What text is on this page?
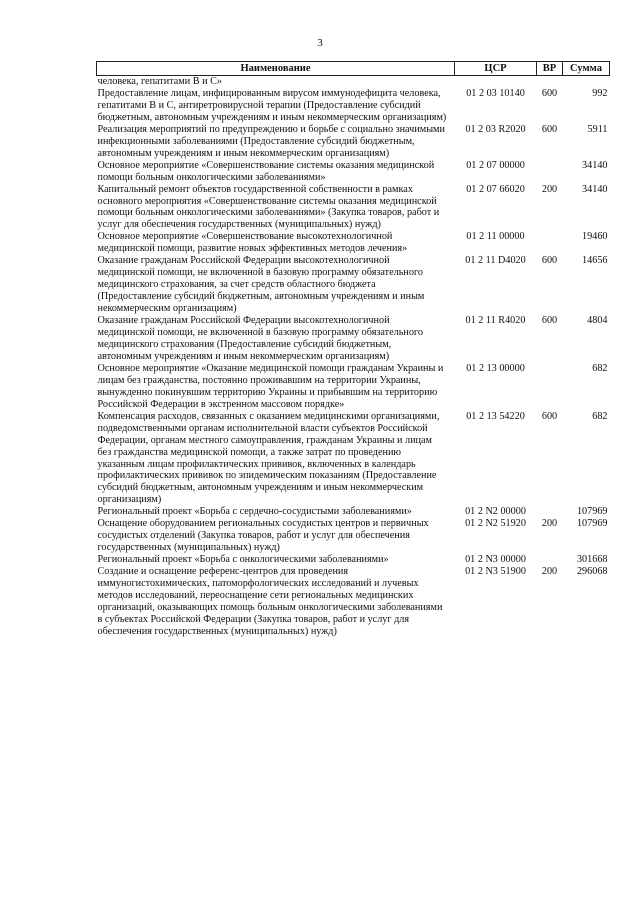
3
Наименование	ЦСР	ВР	Сумма
человека, гепатитами В и С»			
Предоставление лицам, инфицированным вирусом иммунодефицита человека, гепатитами В и С, антиретровирусной терапии (Предоставление субсидий бюджетным, автономным учреждениям и иным некоммерческим организациям)	01 2 03 10140	600	992
Реализация мероприятий по предупреждению и борьбе с социально значимыми инфекционными заболеваниями (Предоставление субсидий бюджетным, автономным учреждениям и иным некоммерческим организациям)	01 2 03 R2020	600	5911
Основное мероприятие «Совершенствование системы оказания медицинской помощи больным онкологическими заболеваниями»	01 2 07 00000		34140
Капитальный ремонт объектов государственной собственности в рамках основного мероприятия «Совершенствование системы оказания медицинской помощи больным онкологическими заболеваниями» (Закупка товаров, работ и услуг для обеспечения государственных (муниципальных) нужд)	01 2 07 66020	200	34140
Основное мероприятие «Совершенствование высокотехнологичной медицинской помощи, развитие новых эффективных методов лечения»	01 2 11 00000		19460
Оказание гражданам Российской Федерации высокотехнологичной медицинской помощи, не включенной в базовую программу обязательного медицинского страхования, за счет средств областного бюджета (Предоставление субсидий бюджетным, автономным учреждениям и иным некоммерческим организациям)	01 2 11 D4020	600	14656
Оказание гражданам Российской Федерации высокотехнологичной медицинской помощи, не включенной в базовую программу обязательного медицинского страхования (Предоставление субсидий бюджетным, автономным учреждениям и иным некоммерческим организациям)	01 2 11 R4020	600	4804
Основное мероприятие «Оказание медицинской помощи гражданам Украины и лицам без гражданства, постоянно проживавшим на территории Украины, вынужденно покинувшим территорию Украины и прибывшим на территорию Российской Федерации в экстренном массовом порядке»	01 2 13 00000		682
Компенсация расходов, связанных с оказанием медицинскими организациями, подведомственными органам исполнительной власти субъектов Российской Федерации, органам местного самоуправления, гражданам Украины и лицам без гражданства медицинской помощи, а также затрат по проведению указанным лицам профилактических прививок, включенных в календарь профилактических прививок по эпидемическим показаниям (Предоставление субсидий бюджетным, автономным учреждениям и иным некоммерческим организациям)	01 2 13 54220	600	682
Региональный проект «Борьба с сердечно-сосудистыми заболеваниями»	01 2 N2 00000		107969
Оснащение оборудованием региональных сосудистых центров и первичных сосудистых отделений (Закупка товаров, работ и услуг для обеспечения государственных (муниципальных) нужд)	01 2 N2 51920	200	107969
Региональный проект «Борьба с онкологическими заболеваниями»	01 2 N3 00000		301668
Создание и оснащение референс-центров для проведения иммуногистохимических, патоморфологических исследований и лучевых методов исследований, переоснащение сети региональных медицинских организаций, оказывающих помощь больным онкологическими заболеваниями в субъектах Российской Федерации (Закупка товаров, работ и услуг для обеспечения государственных (муниципальных) нужд)	01 2 N3 51900	200	296068
